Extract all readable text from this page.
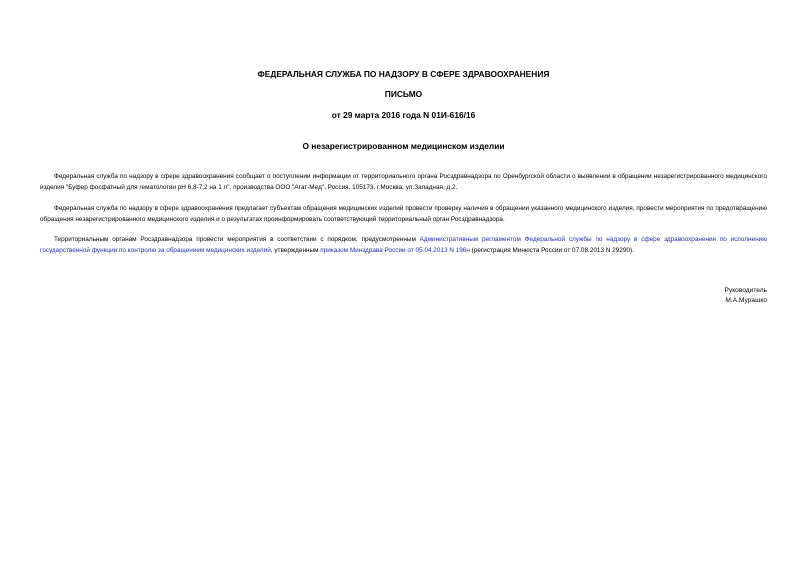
ФЕДЕРАЛЬНАЯ СЛУЖБА ПО НАДЗОРУ В СФЕРЕ ЗДРАВООХРАНЕНИЯ
ПИСЬМО
от 29 марта 2016 года N 01И-616/16
О незарегистрированном медицинском изделии

Федеральная служба по надзору в сфере здравоохранения сообщает о поступлении информации от территориального органа Росздравнадзора по Оренбургской области о выявлении в обращении незарегистрированного медицинского изделия "Буфер фосфатный для гематологии pH 6,8-7,2 на 1 л", производства ООО "Агат-Мед", Россия, 105173, г.Москва, ул.Западная, д.2.

Федеральная служба по надзору в сфере здравоохранения предлагает субъектам обращения медицинских изделий провести проверку наличия в обращении указанного медицинского изделия, провести мероприятия по предотвращению обращения незарегистрированного медицинского изделия и о результатах проинформировать соответствующий территориальный орган Росздравнадзора.

Территориальным органам Росздравнадзора провести мероприятия в соответствии с порядком, предусмотренным Административным регламентом Федеральной службы по надзору в сфере здравоохранения по исполнению государственной функции по контролю за обращением медицинских изделий, утвержденным приказом Минздрава России от 05.04.2013 N 196н (регистрация Минюста России от 07.08.2013 N 29290).

Руководитель
М.А.Мурашко
